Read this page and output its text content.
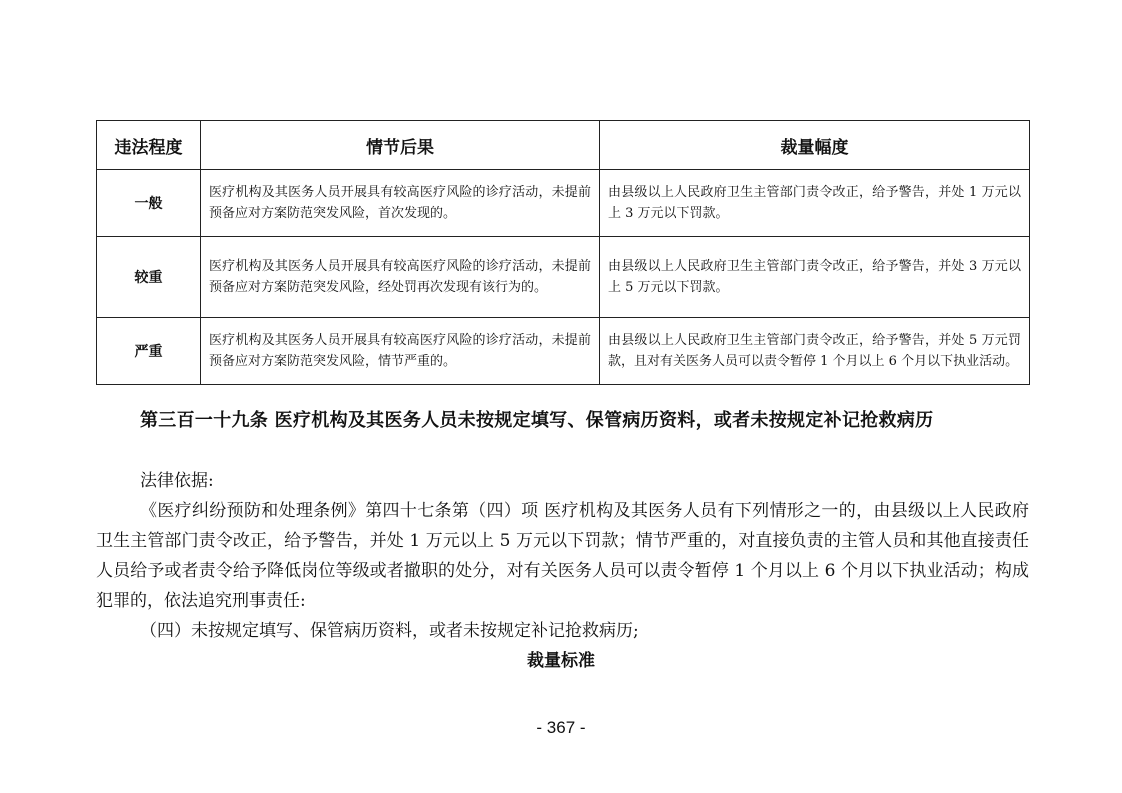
违法程度	情节后果	裁量幅度
一般	医疗机构及其医务人员开展具有较高医疗风险的诊疗活动，未提前预备应对方案防范突发风险，首次发现的。	由县级以上人民政府卫生主管部门责令改正，给予警告，并处 1 万元以上 3 万元以下罚款。
较重	医疗机构及其医务人员开展具有较高医疗风险的诊疗活动，未提前预备应对方案防范突发风险，经处罚再次发现有该行为的。	由县级以上人民政府卫生主管部门责令改正，给予警告，并处 3 万元以上 5 万元以下罚款。
严重	医疗机构及其医务人员开展具有较高医疗风险的诊疗活动，未提前预备应对方案防范突发风险，情节严重的。	由县级以上人民政府卫生主管部门责令改正，给予警告，并处 5 万元罚款，且对有关医务人员可以责令暂停 1 个月以上 6 个月以下执业活动。
第三百一十九条 医疗机构及其医务人员未按规定填写、保管病历资料，或者未按规定补记抢救病历
法律依据:
《医疗纠纷预防和处理条例》第四十七条第（四）项 医疗机构及其医务人员有下列情形之一的，由县级以上人民政府卫生主管部门责令改正，给予警告，并处 1 万元以上 5 万元以下罚款；情节严重的，对直接负责的主管人员和其他直接责任人员给予或者责令给予降低岗位等级或者撤职的处分，对有关医务人员可以责令暂停 1 个月以上 6 个月以下执业活动；构成犯罪的，依法追究刑事责任:
（四）未按规定填写、保管病历资料，或者未按规定补记抢救病历;
裁量标准
- 367 -
